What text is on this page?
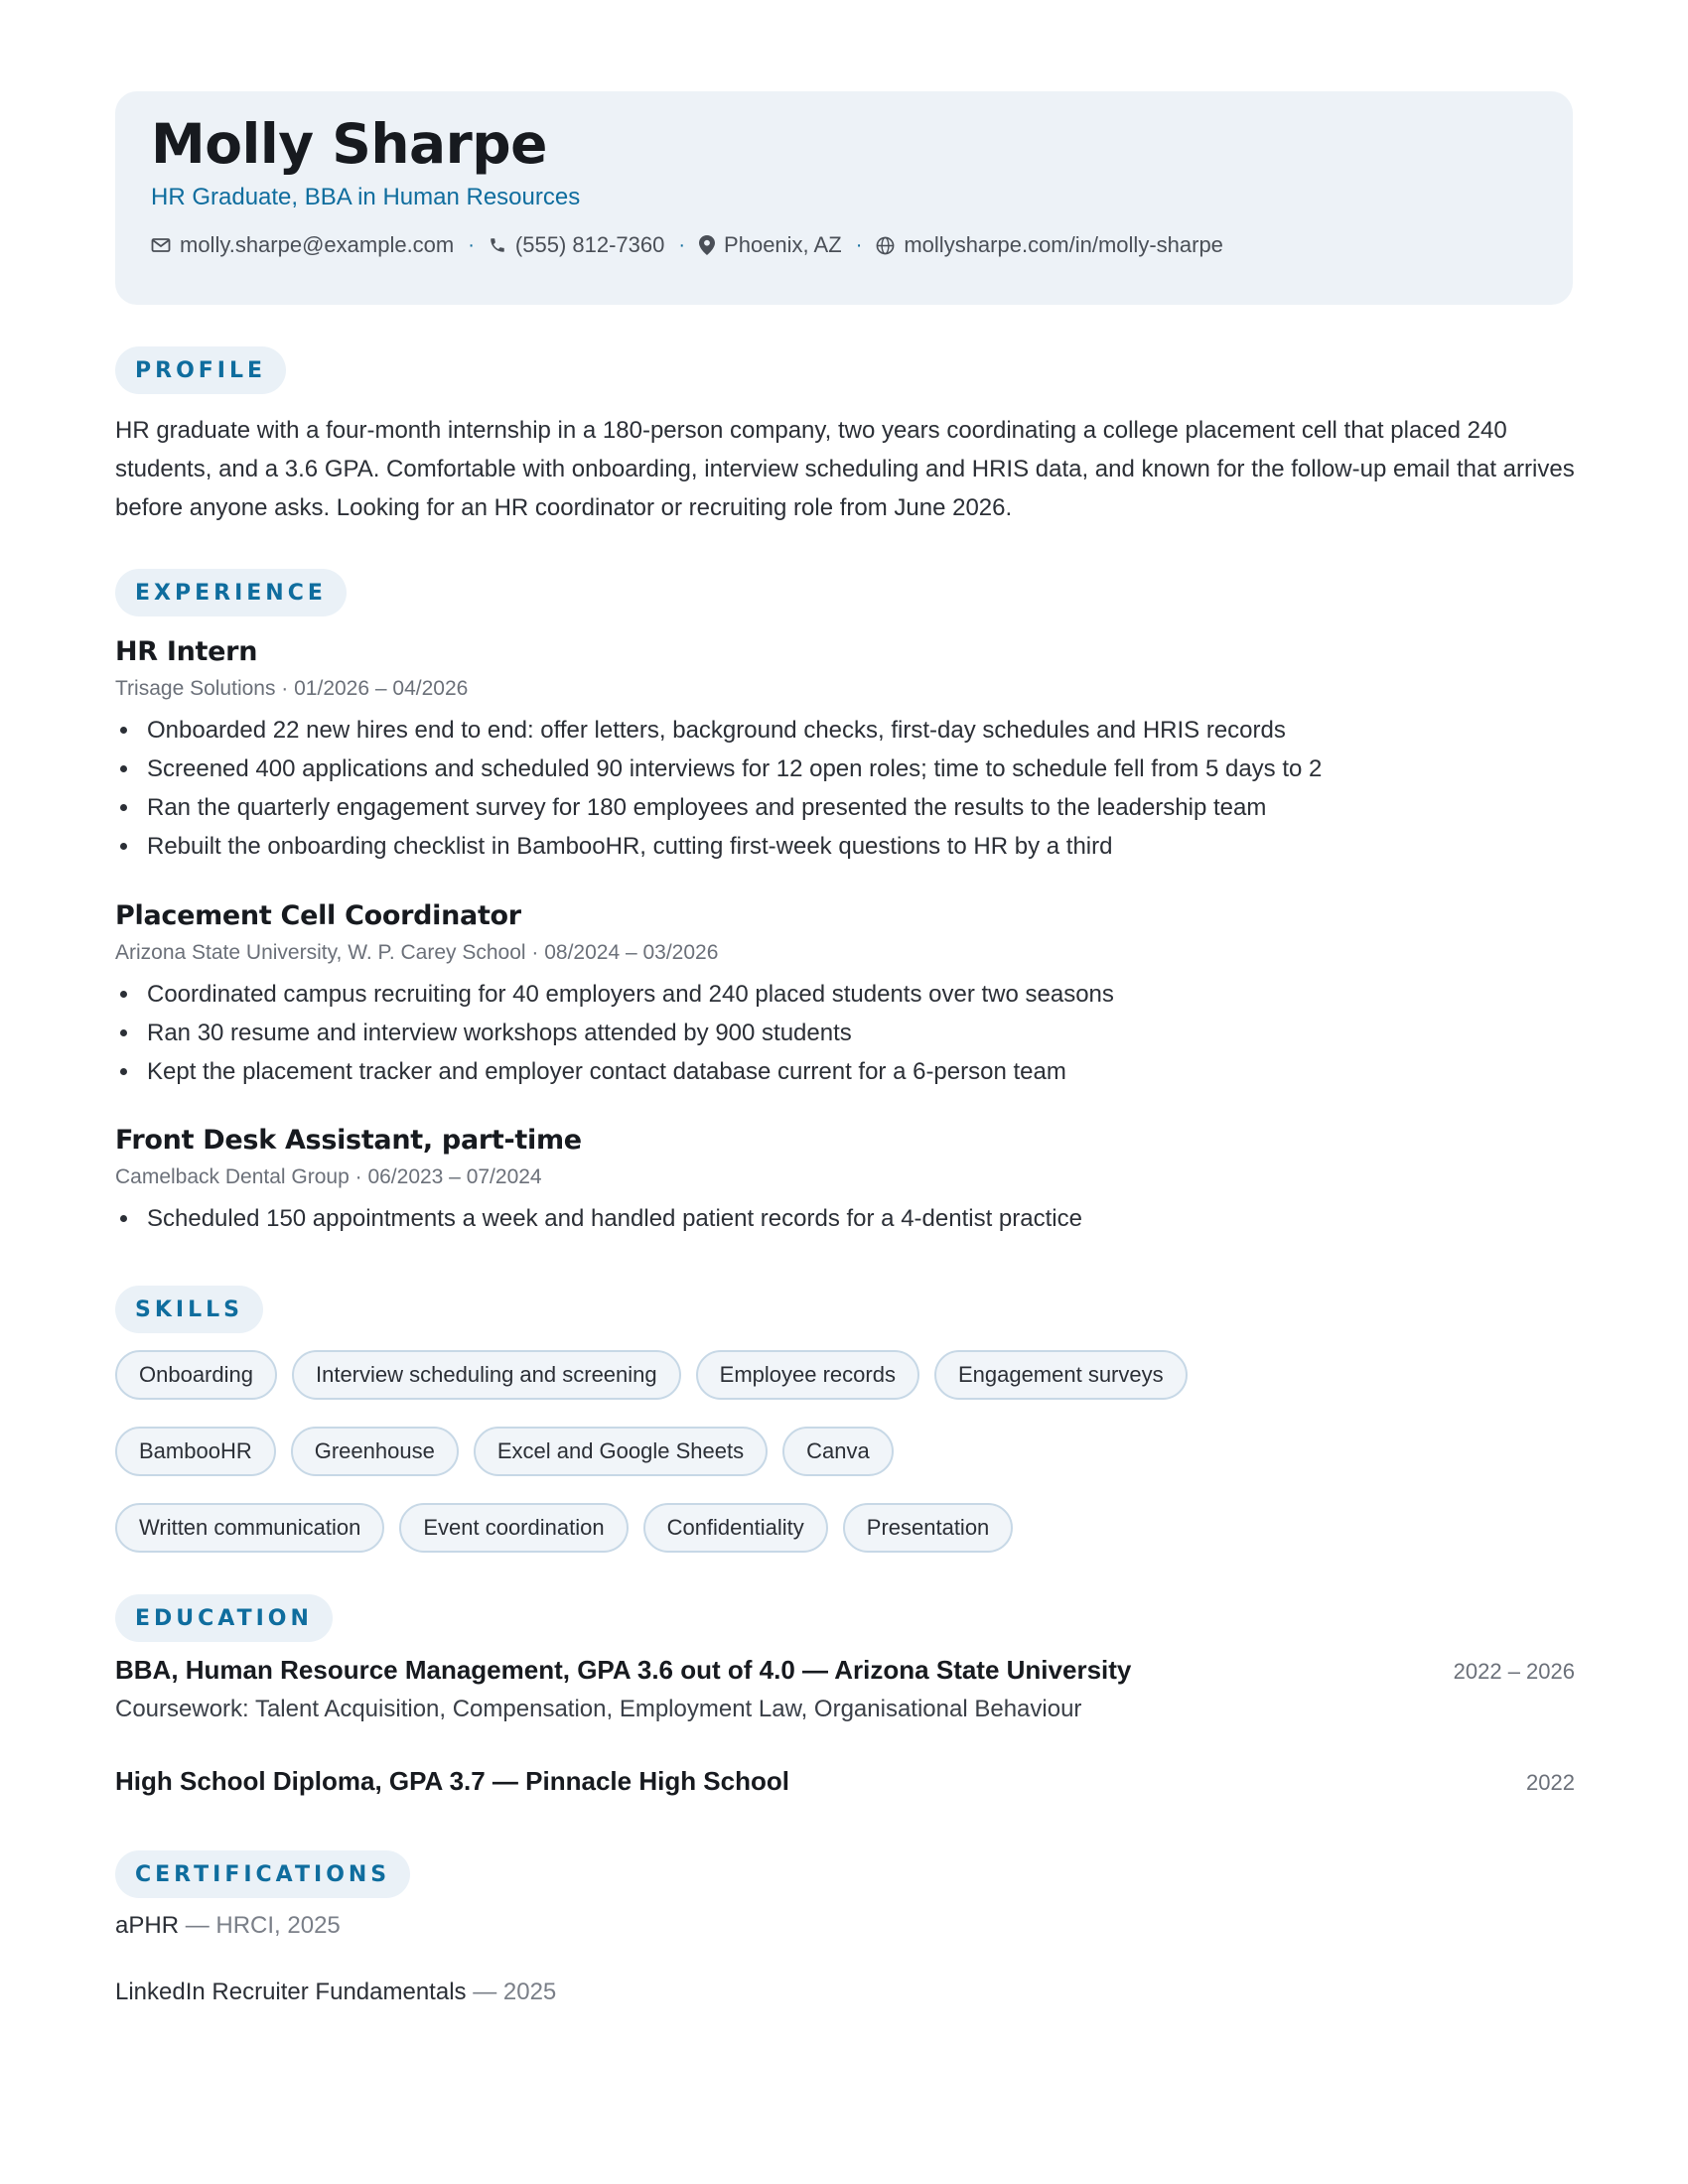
Molly Sharpe
HR Graduate, BBA in Human Resources
molly.sharpe@example.com · (555) 812-7360 · Phoenix, AZ · mollysharpe.com/in/molly-sharpe
PROFILE
HR graduate with a four-month internship in a 180-person company, two years coordinating a college placement cell that placed 240 students, and a 3.6 GPA. Comfortable with onboarding, interview scheduling and HRIS data, and known for the follow-up email that arrives before anyone asks. Looking for an HR coordinator or recruiting role from June 2026.
EXPERIENCE
HR Intern
Trisage Solutions · 01/2026 – 04/2026
Onboarded 22 new hires end to end: offer letters, background checks, first-day schedules and HRIS records
Screened 400 applications and scheduled 90 interviews for 12 open roles; time to schedule fell from 5 days to 2
Ran the quarterly engagement survey for 180 employees and presented the results to the leadership team
Rebuilt the onboarding checklist in BambooHR, cutting first-week questions to HR by a third
Placement Cell Coordinator
Arizona State University, W. P. Carey School · 08/2024 – 03/2026
Coordinated campus recruiting for 40 employers and 240 placed students over two seasons
Ran 30 resume and interview workshops attended by 900 students
Kept the placement tracker and employer contact database current for a 6-person team
Front Desk Assistant, part-time
Camelback Dental Group · 06/2023 – 07/2024
Scheduled 150 appointments a week and handled patient records for a 4-dentist practice
SKILLS
Onboarding	Interview scheduling and screening	Employee records	Engagement surveys
BambooHR	Greenhouse	Excel and Google Sheets	Canva
Written communication	Event coordination	Confidentiality	Presentation
EDUCATION
BBA, Human Resource Management, GPA 3.6 out of 4.0 — Arizona State University	2022 – 2026
Coursework: Talent Acquisition, Compensation, Employment Law, Organisational Behaviour
High School Diploma, GPA 3.7 — Pinnacle High School	2022
CERTIFICATIONS
aPHR — HRCI, 2025
LinkedIn Recruiter Fundamentals — 2025
